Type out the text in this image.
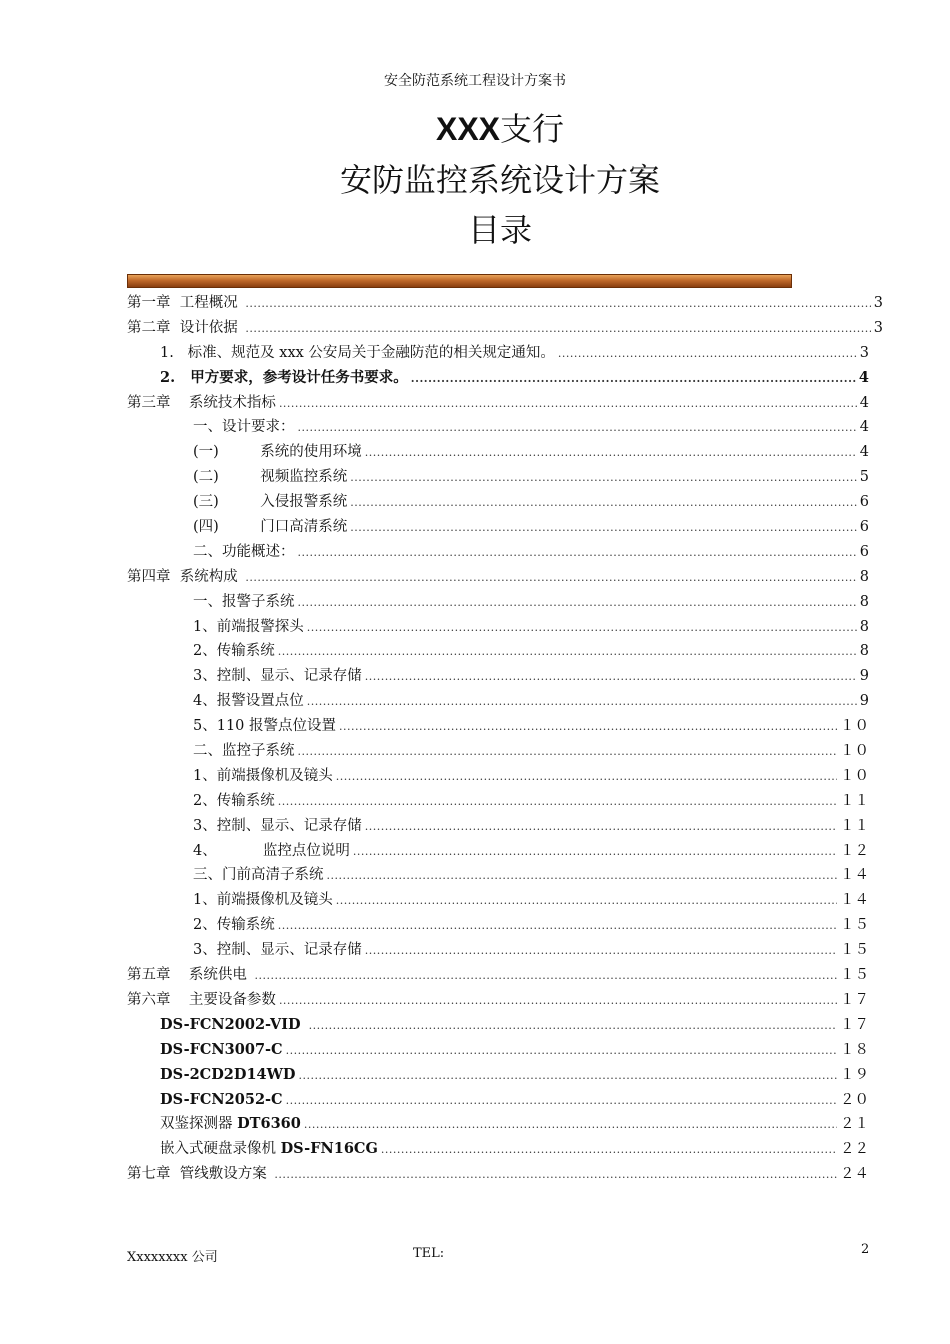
安全防范系统工程设计方案书
XXX支行
安防监控系统设计方案
目录
第一章  工程概况 .....	3
第二章  设计依据 .....	3
1.   标准、规范及 xxx 公安局关于金融防范的相关规定通知。 .....	3
2.   甲方要求，参考设计任务书要求。 .....	4
第三章    系统技术指标 .....	4
一、设计要求： .....	4
(一)         系统的使用环境 .....	4
(二)         视频监控系统 .....	5
(三)         入侵报警系统 .....	6
(四)         门口高清系统 .....	6
二、功能概述： .....	6
第四章  系统构成 .....	8
一、报警子系统 .....	8
1、前端报警探头 .....	8
2、传输系统 .....	8
3、控制、显示、记录存储 .....	9
4、报警设置点位 .....	9
5、110 报警点位设置 .....	１０
二、监控子系统 .....	１０
1、前端摄像机及镜头 .....	１０
2、传输系统 .....	１１
3、控制、显示、记录存储 .....	１１
4、          监控点位说明 .....	１２
三、门前高清子系统 .....	１４
1、前端摄像机及镜头 .....	１４
2、传输系统 .....	１５
3、控制、显示、记录存储 .....	１５
第五章    系统供电 .....	１５
第六章    主要设备参数 .....	１７
DS-FCN2002-VID .....	１７
DS-FCN3007-C .....	１８
DS-2CD2D14WD .....	１９
DS-FCN2052-C .....	２０
双鉴探测器 DT6360 .....	２１
嵌入式硬盘录像机 DS-FN16CG .....	２２
第七章  管线敷设方案 .....	２４
Xxxxxxxx 公司	TEL:	2
